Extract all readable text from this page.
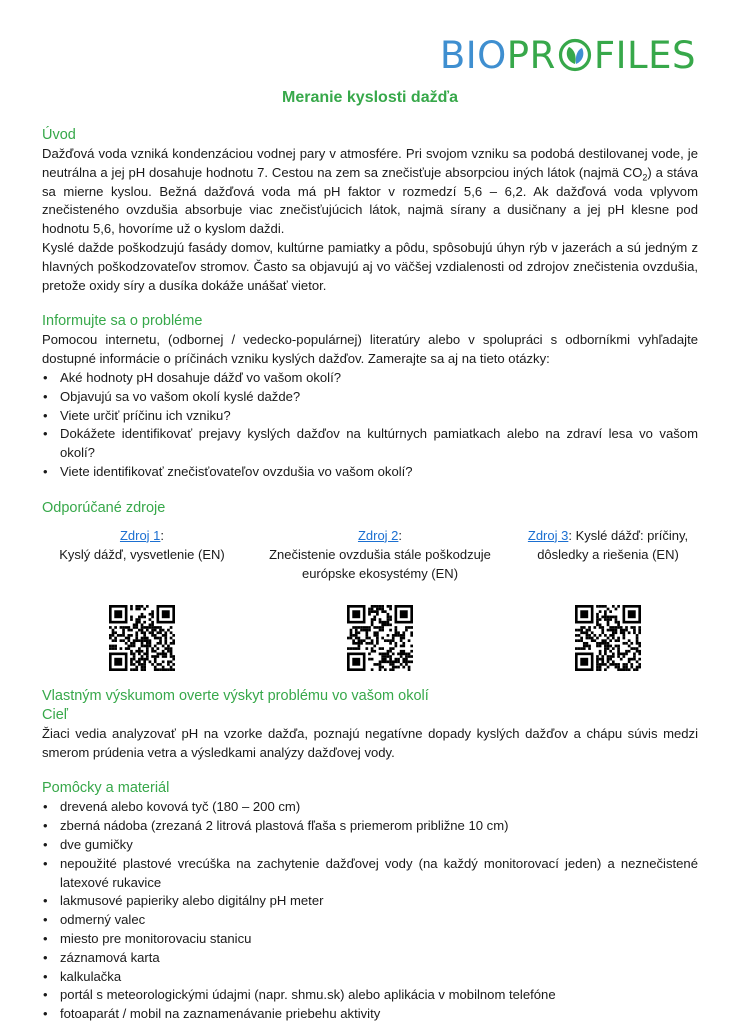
BIOPR FILES
Meranie kyslosti dažďa
Úvod

Dažďová voda vzniká kondenzáciou vodnej pary v atmosfére. Pri svojom vzniku sa podobá destilovanej vode, je neutrálna a jej pH dosahuje hodnotu 7. Cestou na zem sa znečisťuje absorpciou iných látok (najmä $CO_2$) a stáva sa mierne kyslou. Bežná dažďová voda má pH faktor v rozmedzí 5,6 – 6,2. Ak dažďová voda vplyvom znečisteného ovzdušia absorbuje viac znečisťujúcich látok, najmä sírany a dusičnany a jej pH klesne pod hodnotu 5,6, hovoríme už o kyslom daždi.

Kyslé dažde poškodzujú fasády domov, kultúrne pamiatky a pôdu, spôsobujú úhyn rýb v jazerách a sú jedným z hlavných poškodzovateľov stromov. Často sa objavujú aj vo väčšej vzdialenosti od zdrojov znečistenia ovzdušia, pretože oxidy síry a dusíka dokáže unášať vietor.

Informujte sa o probléme

Pomocou internetu, (odbornej / vedecko-populárnej) literatúry alebo v spolupráci s odborníkmi vyhľadajte dostupné informácie o príčinách vzniku kyslých dažďov. Zamerajte sa aj na tieto otázky:

• Aké hodnoty pH dosahuje dážď vo vašom okolí?
• Objavujú sa vo vašom okolí kyslé dažde?
• Viete určiť príčinu ich vzniku?
• Dokážete identifikovať prejavy kyslých dažďov na kultúrnych pamiatkach alebo na zdraví lesa vo vašom okolí?
• Viete identifikovať znečisťovateľov ovzdušia vo vašom okolí?
Odporúčané zdroje
Zdroj 1:
Kyslý dážď, vysvetlenie (EN)
Zdroj 2:
Znečistenie ovzdušia stále poškodzuje
európske ekosystémy (EN)
Zdroj 3: Kyslé dážď: príčiny,
dôsledky a riešenia (EN)
Vlastným výskumom overte výskyt problému vo vašom okolí
Cieľ

Žiaci vedia analyzovať pH na vzorke dažďa, poznajú negatívne dopady kyslých dažďov a chápu súvis medzi smerom prúdenia vetra a výsledkami analýzy dažďovej vody.

Pomôcky a materiál
• drevená alebo kovová tyč (180 – 200 cm)
• zberná nádoba (zrezaná 2 litrová plastová fľaša s priemerom približne 10 cm)
• dve gumičky
• nepoužité plastové vrecúška na zachytenie dažďovej vody (na každý monitorovací jeden) a neznečistené latexové rukavice
• lakmusové papieriky alebo digitálny pH meter
• odmerný valec
• miesto pre monitorovaciu stanicu
• záznamová karta
• kalkulačka
• portál s meteorologickými údajmi (napr. shmu.sk) alebo aplikácia v mobilnom telefóne
• fotoaparát / mobil na zaznamenávanie priebehu aktivity
